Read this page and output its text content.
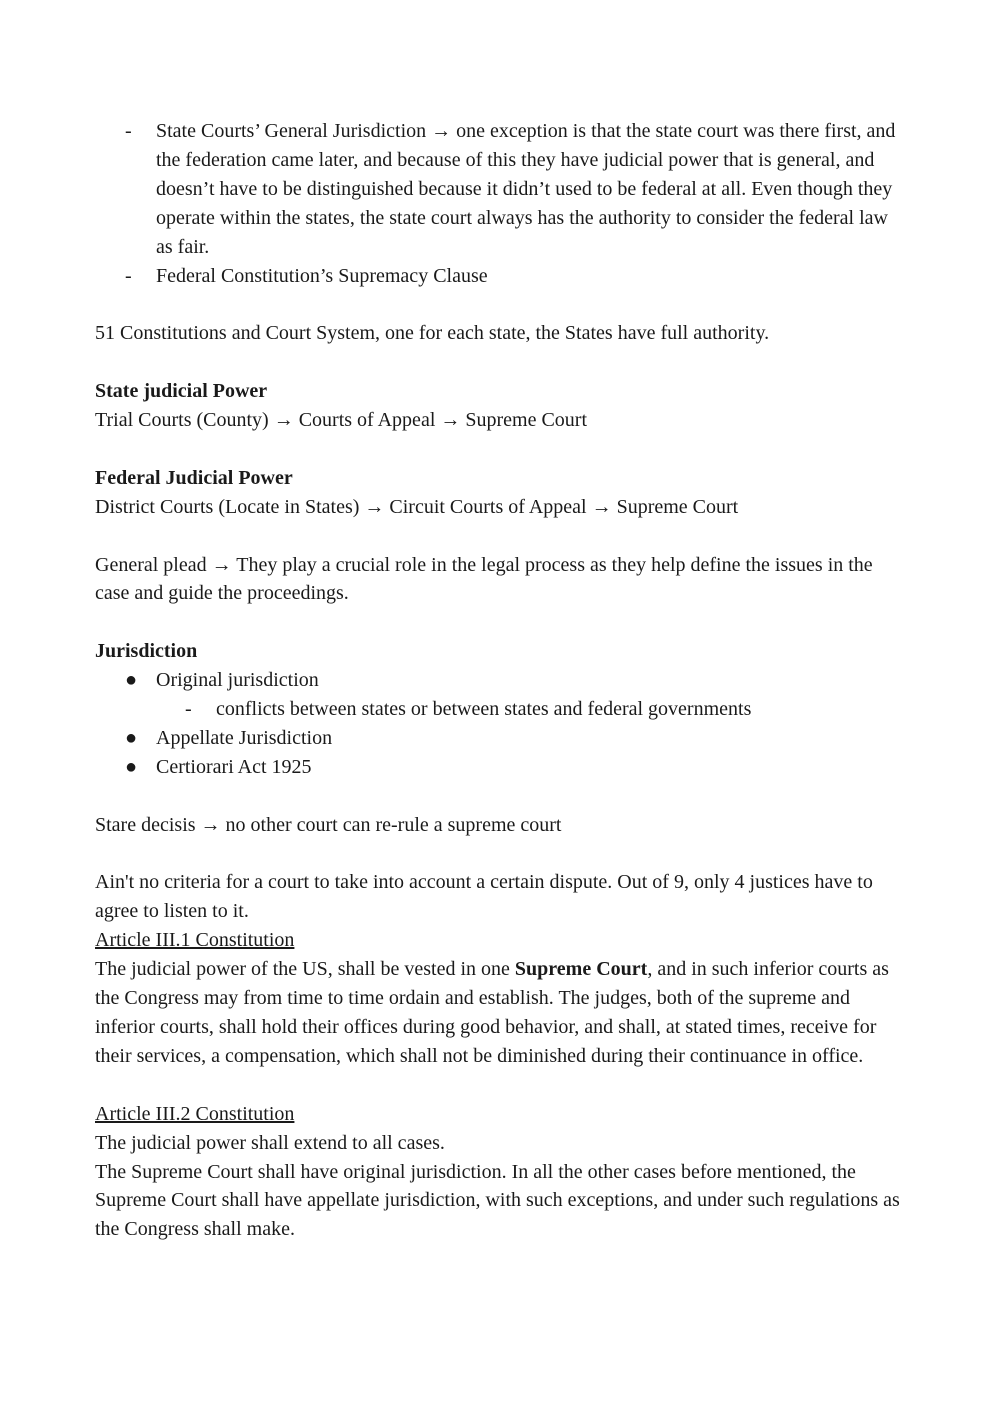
- State Courts’ General Jurisdiction → one exception is that the state court was there first, and the federation came later, and because of this they have judicial power that is general, and doesn’t have to be distinguished because it didn’t used to be federal at all. Even though they operate within the states, the state court always has the authority to consider the federal law as fair.
- Federal Constitution’s Supremacy Clause

51 Constitutions and Court System, one for each state, the States have full authority.

State judicial Power

Trial Courts (County) → Courts of Appeal → Supreme Court

Federal Judicial Power

District Courts (Locate in States) → Circuit Courts of Appeal → Supreme Court

General plead → They play a crucial role in the legal process as they help define the issues in the case and guide the proceedings.

Jurisdiction

● Original jurisdiction
- conflicts between states or between states and federal governments
● Appellate Jurisdiction
● Certiorari Act 1925

Stare decisis → no other court can re-rule a supreme court

Ain't no criteria for a court to take into account a certain dispute. Out of 9, only 4 justices have to agree to listen to it.

Article III.1 Constitution

The judicial power of the US, shall be vested in one Supreme Court, and in such inferior courts as the Congress may from time to time ordain and establish. The judges, both of the supreme and inferior courts, shall hold their offices during good behavior, and shall, at stated times, receive for their services, a compensation, which shall not be diminished during their continuance in office.

Article III.2 Constitution

The judicial power shall extend to all cases.

The Supreme Court shall have original jurisdiction. In all the other cases before mentioned, the Supreme Court shall have appellate jurisdiction, with such exceptions, and under such regulations as the Congress shall make.
